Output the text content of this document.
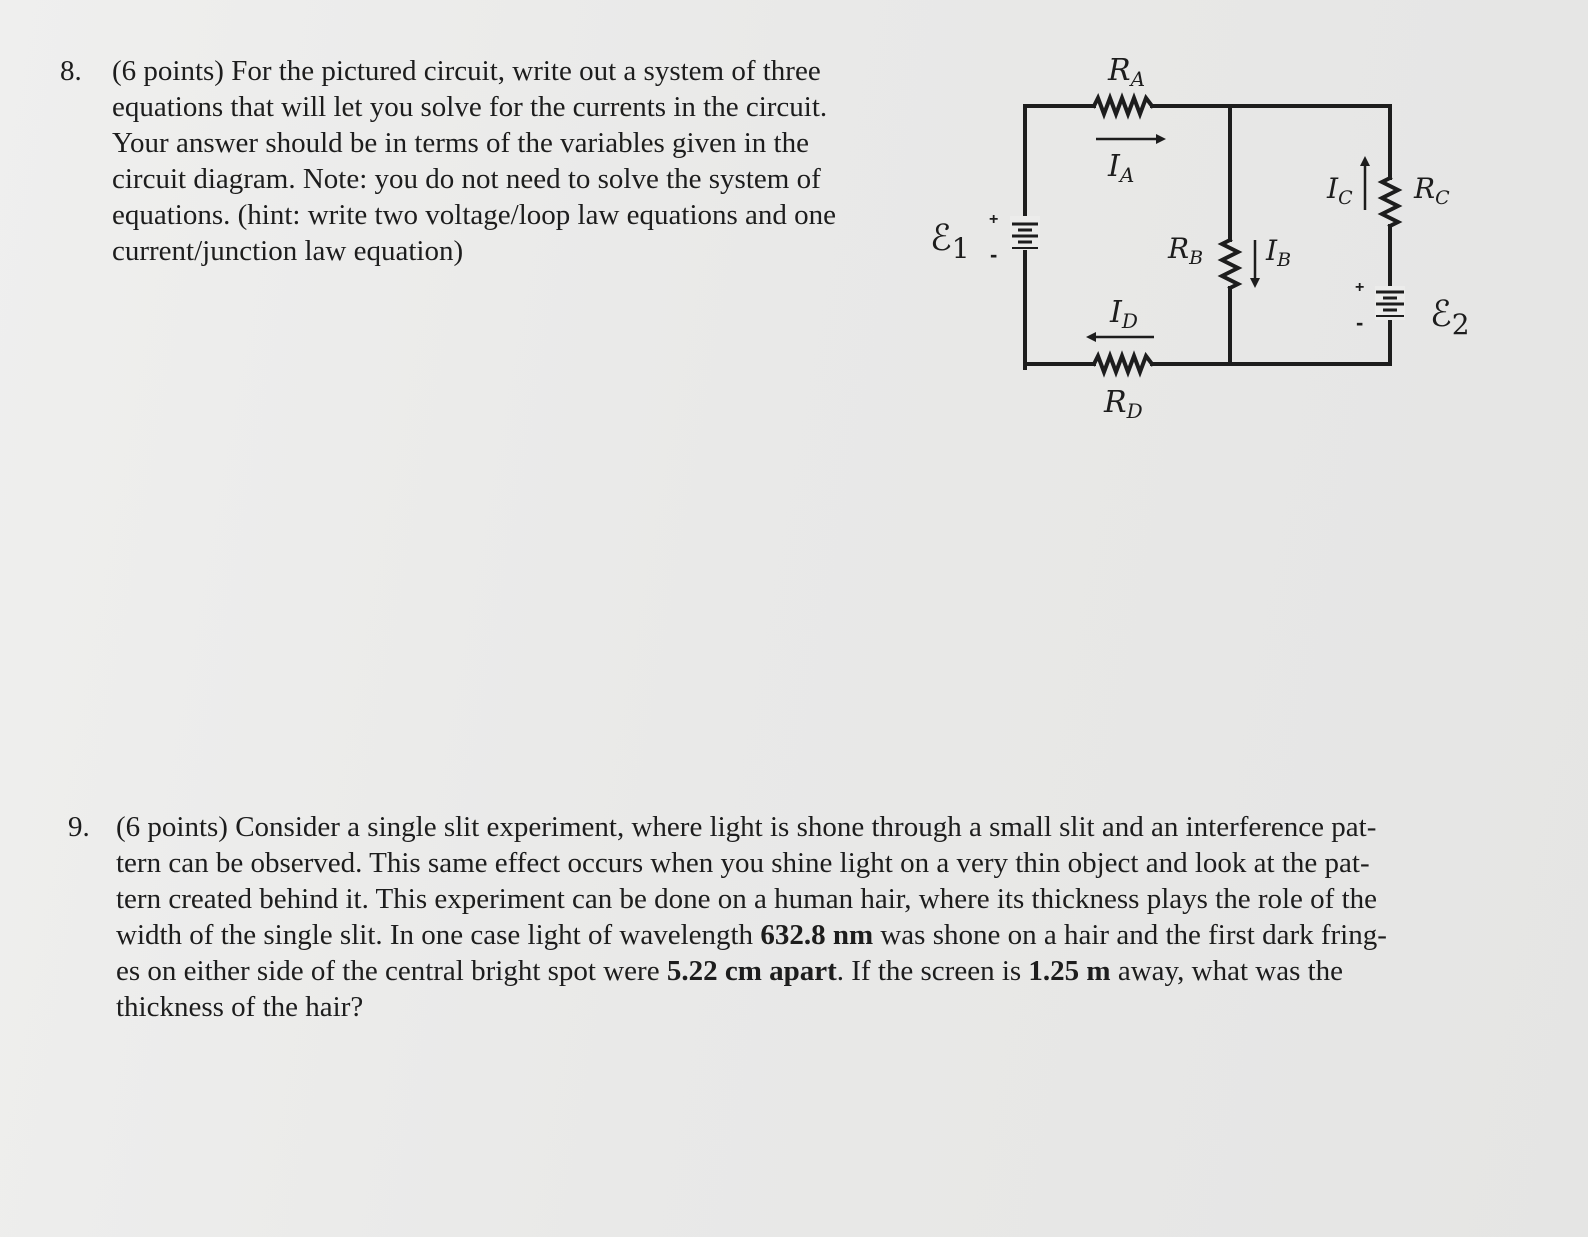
8. (6 points) For the pictured circuit, write out a system of three
equations that will let you solve for the currents in the circuit.
Your answer should be in terms of the variables given in the
circuit diagram. Note: you do not need to solve the system of
equations. (hint: write two voltage/loop law equations and one
current/junction law equation)
$R_A$
$I_A$
$I_D$
$R_D$
$R_B$ $I_B$
$I_C$ $R_C$
ℰ$_1$
ℰ$_2$
+
-
+
-
9. (6 points) Consider a single slit experiment, where light is shone through a small slit and an interference pat-
tern can be observed. This same effect occurs when you shine light on a very thin object and look at the pat-
tern created behind it. This experiment can be done on a human hair, where its thickness plays the role of the
width of the single slit. In one case light of wavelength 632.8 nm was shone on a hair and the first dark fring-
es on either side of the central bright spot were 5.22 cm apart. If the screen is 1.25 m away, what was the
thickness of the hair?
